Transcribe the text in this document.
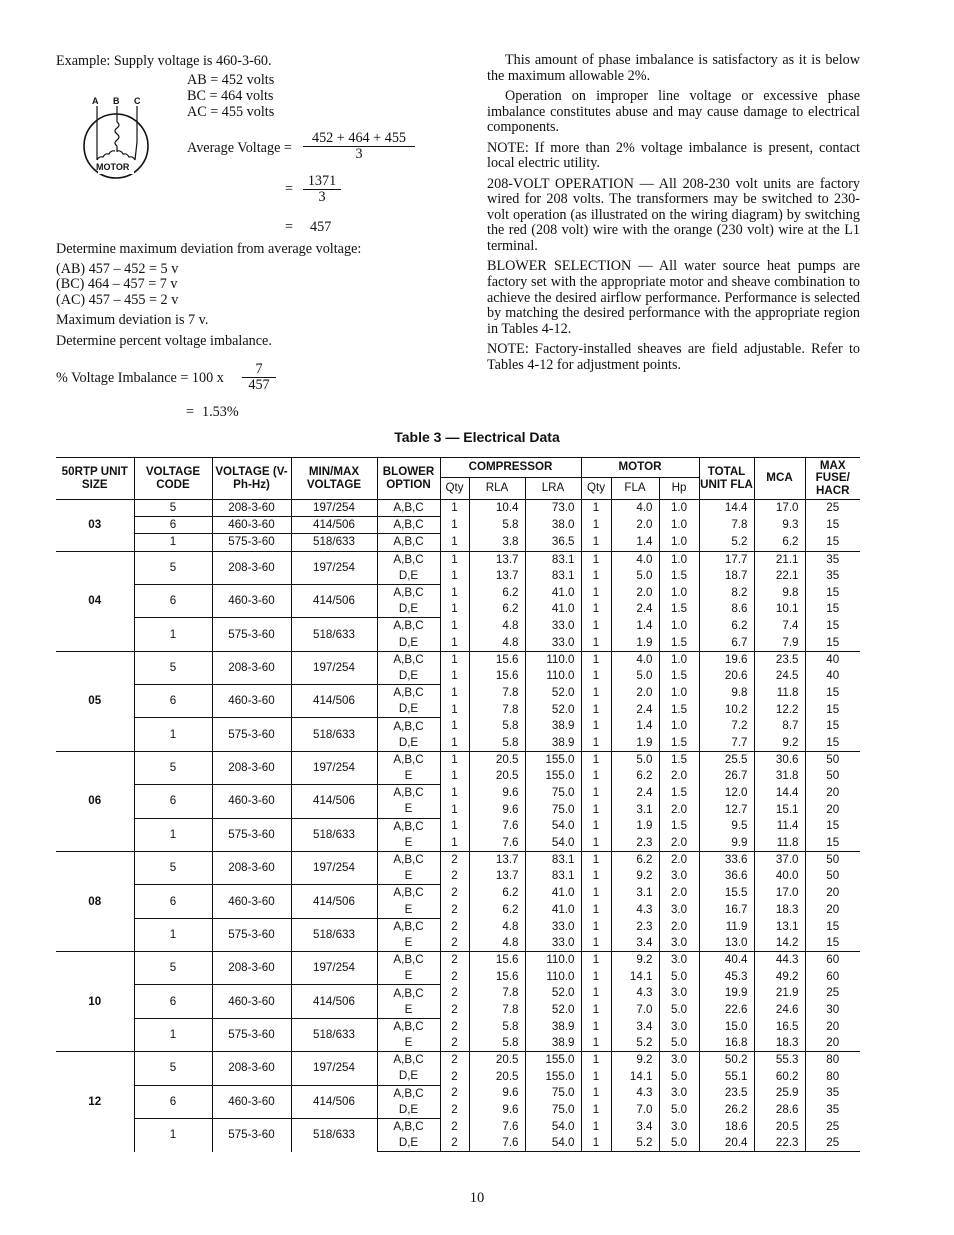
Example: Supply voltage is 460-3-60.

A B C
MOTOR

AB = 452 volts

BC = 464 volts

AC = 455 volts

Average Voltage = $\frac{452 + 464 + 455}{3}$

= $\frac{1371}{3}$

= 457

Determine maximum deviation from average voltage:

(AB) 457 – 452 = 5 v

(BC) 464 – 457 = 7 v

(AC) 457 – 455 = 2 v

Maximum deviation is 7 v.

Determine percent voltage imbalance.

% Voltage Imbalance = 100 x $\frac{7}{457}$

= 1.53%

This amount of phase imbalance is satisfactory as it is below the maximum allowable 2%.

Operation on improper line voltage or excessive phase imbalance constitutes abuse and may cause damage to electrical components.

NOTE: If more than 2% voltage imbalance is present, contact local electric utility.

208-VOLT OPERATION — All 208-230 volt units are factory wired for 208 volts. The transformers may be switched to 230-volt operation (as illustrated on the wiring diagram) by switching the red (208 volt) wire with the orange (230 volt) wire at the L1 terminal.

BLOWER SELECTION — All water source heat pumps are factory set with the appropriate motor and sheave combination to achieve the desired airflow performance. Performance is selected by matching the desired performance with the appropriate region in Tables 4-12.

NOTE: Factory-installed sheaves are field adjustable. Refer to Tables 4-12 for adjustment points.

Table 3 — Electrical Data
50RTP UNIT SIZE	VOLTAGE CODE	VOLTAGE (V-Ph-Hz)	MIN/MAX VOLTAGE	BLOWER OPTION	COMPRESSOR			MOTOR			TOTAL UNIT FLA	MCA	MAX FUSE/ HACR
					Qty	RLA	LRA	Qty	FLA	Hp			
03	5	208-3-60	197/254	A,B,C	1	10.4	73.0	1	4.0	1.0	14.4	17.0	25
	6	460-3-60	414/506	A,B,C	1	5.8	38.0	1	2.0	1.0	7.8	9.3	15
	1	575-3-60	518/633	A,B,C	1	3.8	36.5	1	1.4	1.0	5.2	6.2	15
04	5	208-3-60	197/254	A,B,C	1	13.7	83.1	1	4.0	1.0	17.7	21.1	35
				D,E	1	13.7	83.1	1	5.0	1.5	18.7	22.1	35
	6	460-3-60	414/506	A,B,C	1	6.2	41.0	1	2.0	1.0	8.2	9.8	15
				D,E	1	6.2	41.0	1	2.4	1.5	8.6	10.1	15
	1	575-3-60	518/633	A,B,C	1	4.8	33.0	1	1.4	1.0	6.2	7.4	15
				D,E	1	4.8	33.0	1	1.9	1.5	6.7	7.9	15
05	5	208-3-60	197/254	A,B,C	1	15.6	110.0	1	4.0	1.0	19.6	23.5	40
				D,E	1	15.6	110.0	1	5.0	1.5	20.6	24.5	40
	6	460-3-60	414/506	A,B,C	1	7.8	52.0	1	2.0	1.0	9.8	11.8	15
				D,E	1	7.8	52.0	1	2.4	1.5	10.2	12.2	15
	1	575-3-60	518/633	A,B,C	1	5.8	38.9	1	1.4	1.0	7.2	8.7	15
				D,E	1	5.8	38.9	1	1.9	1.5	7.7	9.2	15
06	5	208-3-60	197/254	A,B,C	1	20.5	155.0	1	5.0	1.5	25.5	30.6	50
				E	1	20.5	155.0	1	6.2	2.0	26.7	31.8	50
	6	460-3-60	414/506	A,B,C	1	9.6	75.0	1	2.4	1.5	12.0	14.4	20
				E	1	9.6	75.0	1	3.1	2.0	12.7	15.1	20
	1	575-3-60	518/633	A,B,C	1	7.6	54.0	1	1.9	1.5	9.5	11.4	15
				E	1	7.6	54.0	1	2.3	2.0	9.9	11.8	15
08	5	208-3-60	197/254	A,B,C	2	13.7	83.1	1	6.2	2.0	33.6	37.0	50
				E	2	13.7	83.1	1	9.2	3.0	36.6	40.0	50
	6	460-3-60	414/506	A,B,C	2	6.2	41.0	1	3.1	2.0	15.5	17.0	20
				E	2	6.2	41.0	1	4.3	3.0	16.7	18.3	20
	1	575-3-60	518/633	A,B,C	2	4.8	33.0	1	2.3	2.0	11.9	13.1	15
				E	2	4.8	33.0	1	3.4	3.0	13.0	14.2	15
10	5	208-3-60	197/254	A,B,C	2	15.6	110.0	1	9.2	3.0	40.4	44.3	60
				E	2	15.6	110.0	1	14.1	5.0	45.3	49.2	60
	6	460-3-60	414/506	A,B,C	2	7.8	52.0	1	4.3	3.0	19.9	21.9	25
				E	2	7.8	52.0	1	7.0	5.0	22.6	24.6	30
	1	575-3-60	518/633	A,B,C	2	5.8	38.9	1	3.4	3.0	15.0	16.5	20
				E	2	5.8	38.9	1	5.2	5.0	16.8	18.3	20
12	5	208-3-60	197/254	A,B,C	2	20.5	155.0	1	9.2	3.0	50.2	55.3	80
				D,E	2	20.5	155.0	1	14.1	5.0	55.1	60.2	80
	6	460-3-60	414/506	A,B,C	2	9.6	75.0	1	4.3	3.0	23.5	25.9	35
				D,E	2	9.6	75.0	1	7.0	5.0	26.2	28.6	35
	1	575-3-60	518/633	A,B,C	2	7.6	54.0	1	3.4	3.0	18.6	20.5	25
				D,E	2	7.6	54.0	1	5.2	5.0	20.4	22.3	25
10
